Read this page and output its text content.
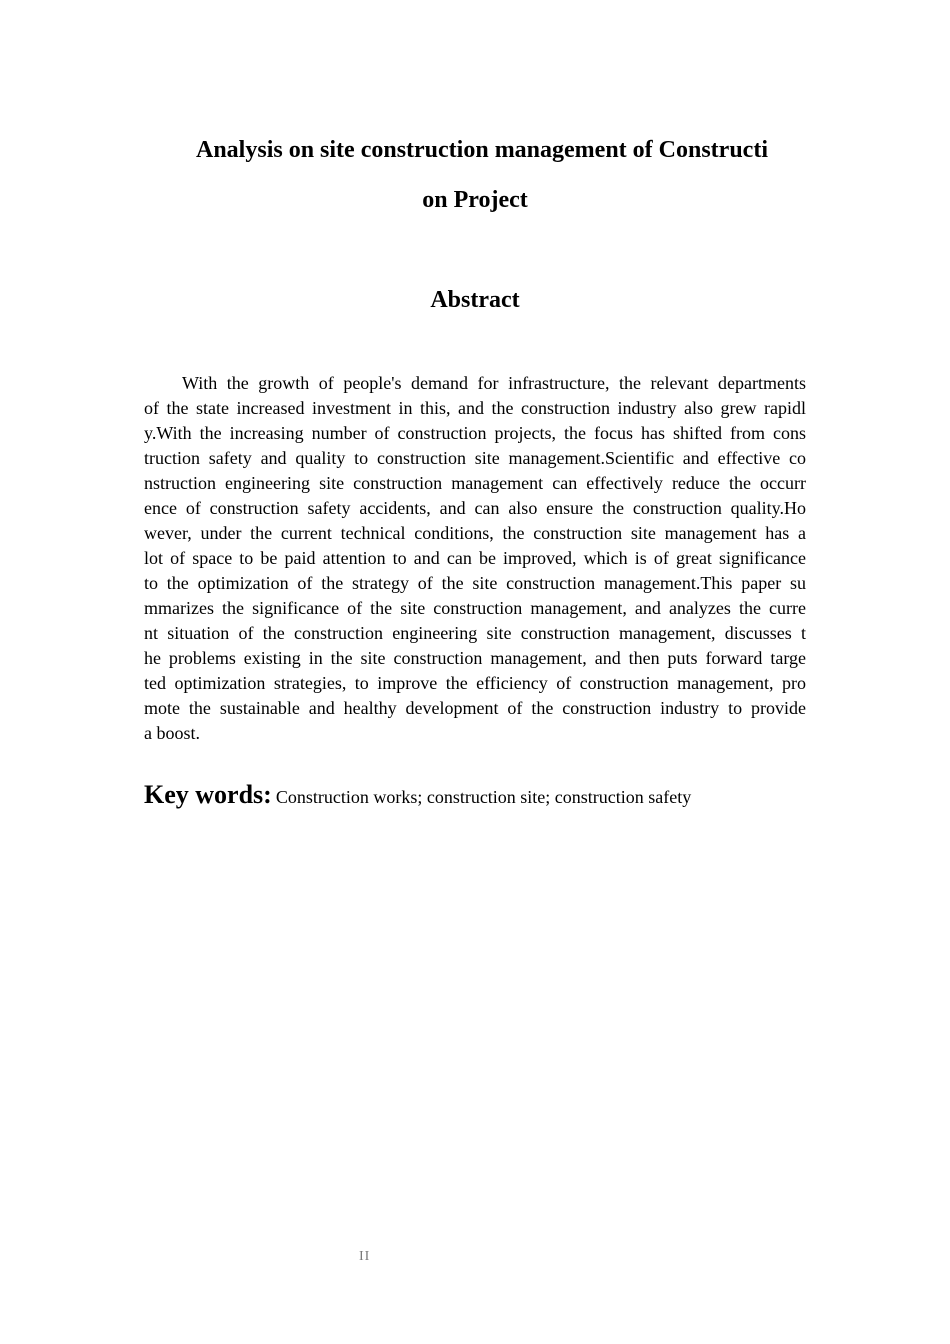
Analysis on site construction management of Constructi
on Project
Abstract
With the growth of people's demand for infrastructure, the relevant departments
of the state increased investment in this, and the construction industry also grew rapidl
y.With the increasing number of construction projects, the focus has shifted from cons
truction safety and quality to construction site management.Scientific and effective co
nstruction engineering site construction management can effectively reduce the occurr
ence of construction safety accidents, and can also ensure the construction quality.Ho
wever, under the current technical conditions, the construction site management has a
lot of space to be paid attention to and can be improved, which is of great significance
to the optimization of the strategy of the site construction management.This paper su
mmarizes the significance of the site construction management, and analyzes the curre
nt situation of the construction engineering site construction management, discusses t
he problems existing in the site construction management, and then puts forward targe
ted optimization strategies, to improve the efficiency of construction management, pro
mote the sustainable and healthy development of the construction industry to provide
a boost.
Key words: Construction works; construction site; construction safety
II
